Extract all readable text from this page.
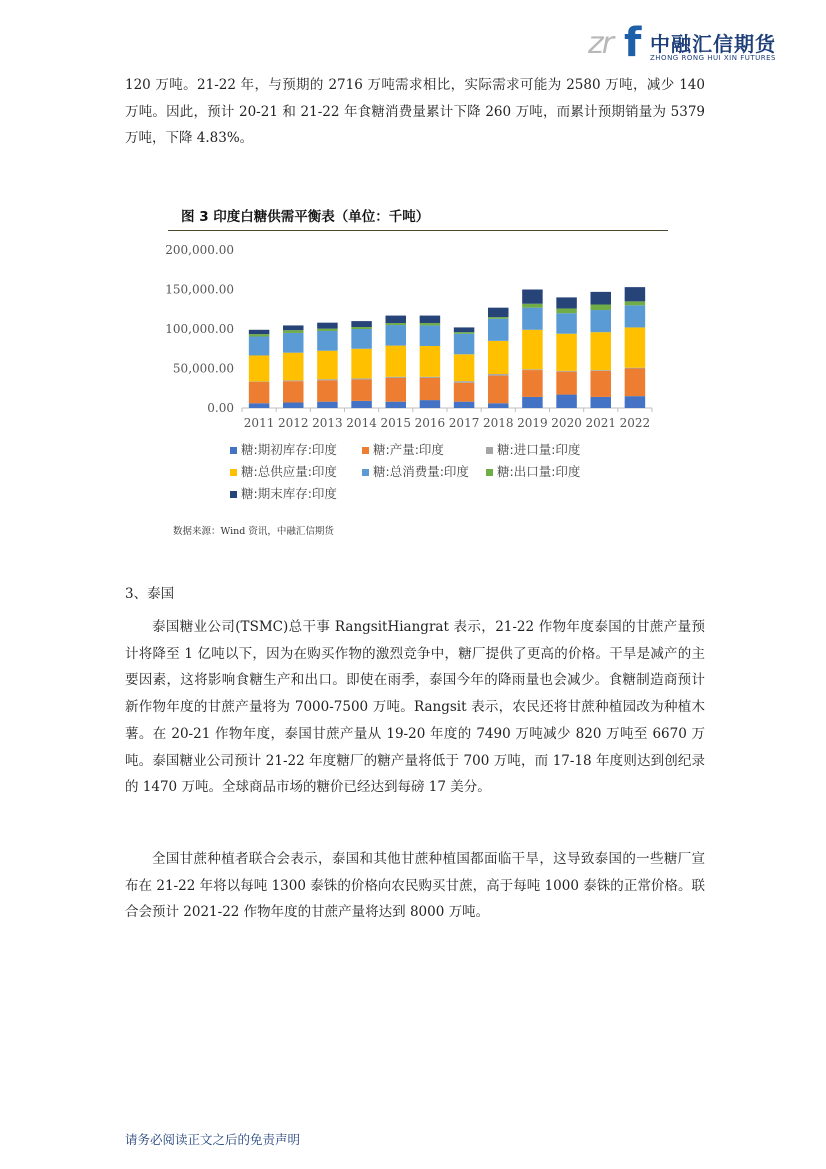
zr f 中融汇信期货
ZHONG RONG HUI XIN FUTURES

120 万吨。21-22 年，与预期的 2716 万吨需求相比，实际需求可能为 2580 万吨，减少 140 万吨。因此，预计 20-21 和 21-22 年食糖消费量累计下降 260 万吨，而累计预期销量为 5379 万吨，下降 4.83%。

图 3 印度白糖供需平衡表（单位：千吨）
0.00
50,000.00
100,000.00
150,000.00
200,000.00
2011 2012 2013 2014 2015 2016 2017 2018 2019 2020 2021 2022
糖:期初库存:印度	糖:产量:印度	糖:进口量:印度
糖:总供应量:印度	糖:总消费量:印度	糖:出口量:印度
糖:期末库存:印度
数据来源：Wind 资讯，中融汇信期货
3、泰国

泰国糖业公司(TSMC)总干事 RangsitHiangrat 表示，21-22 作物年度泰国的甘蔗产量预计将降至 1 亿吨以下，因为在购买作物的激烈竞争中，糖厂提供了更高的价格。干旱是减产的主要因素，这将影响食糖生产和出口。即使在雨季，泰国今年的降雨量也会减少。食糖制造商预计新作物年度的甘蔗产量将为 7000-7500 万吨。Rangsit 表示，农民还将甘蔗种植园改为种植木薯。在 20-21 作物年度，泰国甘蔗产量从 19-20 年度的 7490 万吨减少 820 万吨至 6670 万吨。泰国糖业公司预计 21-22 年度糖厂的糖产量将低于 700 万吨，而 17-18 年度则达到创纪录的 1470 万吨。全球商品市场的糖价已经达到每磅 17 美分。

全国甘蔗种植者联合会表示，泰国和其他甘蔗种植国都面临干旱，这导致泰国的一些糖厂宣布在 21-22 年将以每吨 1300 泰铢的价格向农民购买甘蔗，高于每吨 1000 泰铢的正常价格。联合会预计 2021-22 作物年度的甘蔗产量将达到 8000 万吨。

请务必阅读正文之后的免责声明
